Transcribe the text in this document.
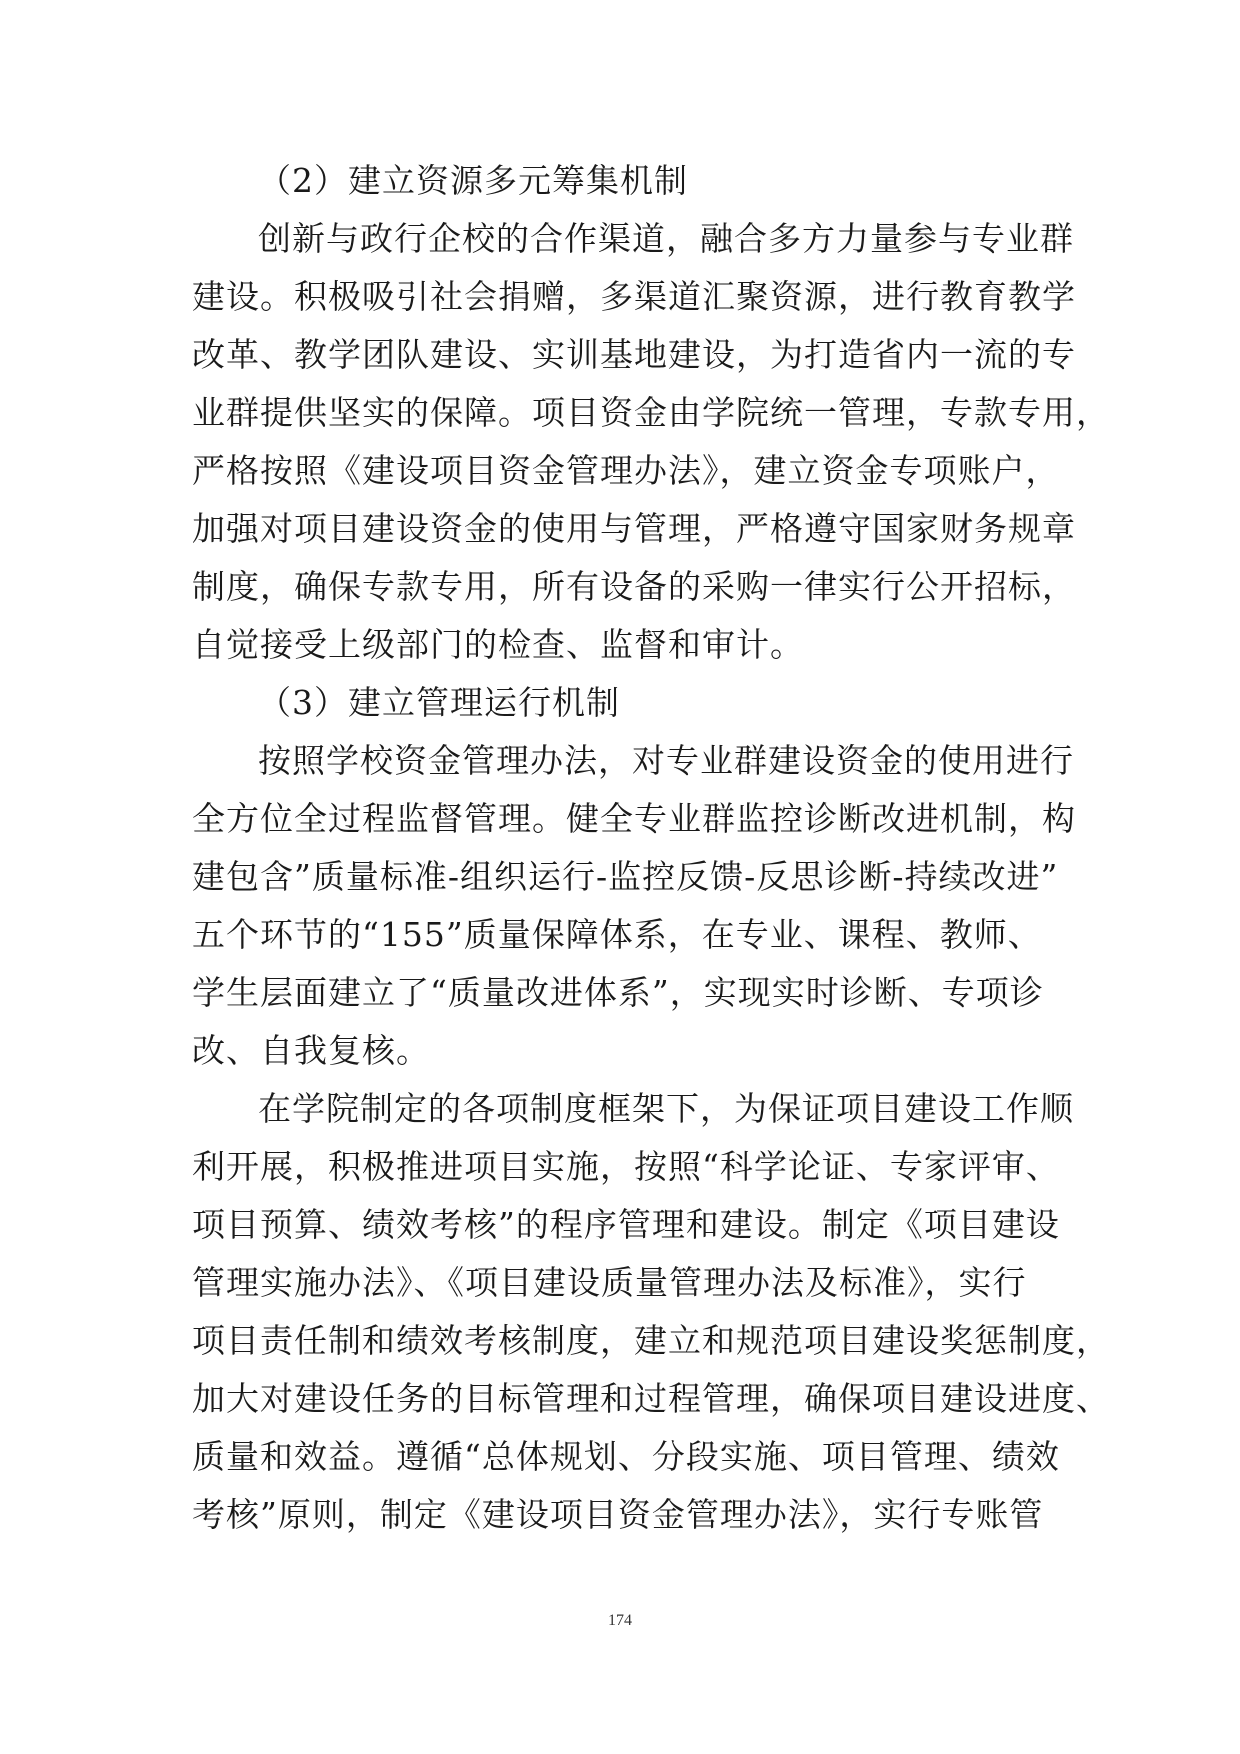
（2）建立资源多元筹集机制
创新与政行企校的合作渠道，融合多方力量参与专业群
建设。积极吸引社会捐赠，多渠道汇聚资源，进行教育教学
改革、教学团队建设、实训基地建设，为打造省内一流的专
业群提供坚实的保障。项目资金由学院统一管理，专款专用，
严格按照《建设项目资金管理办法》，建立资金专项账户，
加强对项目建设资金的使用与管理，严格遵守国家财务规章
制度，确保专款专用，所有设备的采购一律实行公开招标，
自觉接受上级部门的检查、监督和审计。
（3）建立管理运行机制
按照学校资金管理办法，对专业群建设资金的使用进行
全方位全过程监督管理。健全专业群监控诊断改进机制，构
建包含”质量标准-组织运行-监控反馈-反思诊断-持续改进”
五个环节的“155”质量保障体系，在专业、课程、教师、
学生层面建立了“质量改进体系”，实现实时诊断、专项诊
改、自我复核。
在学院制定的各项制度框架下，为保证项目建设工作顺
利开展，积极推进项目实施，按照“科学论证、专家评审、
项目预算、绩效考核”的程序管理和建设。制定《项目建设
管理实施办法》、《项目建设质量管理办法及标准》，实行
项目责任制和绩效考核制度，建立和规范项目建设奖惩制度，
加大对建设任务的目标管理和过程管理，确保项目建设进度、
质量和效益。遵循“总体规划、分段实施、项目管理、绩效
考核”原则，制定《建设项目资金管理办法》，实行专账管
174
